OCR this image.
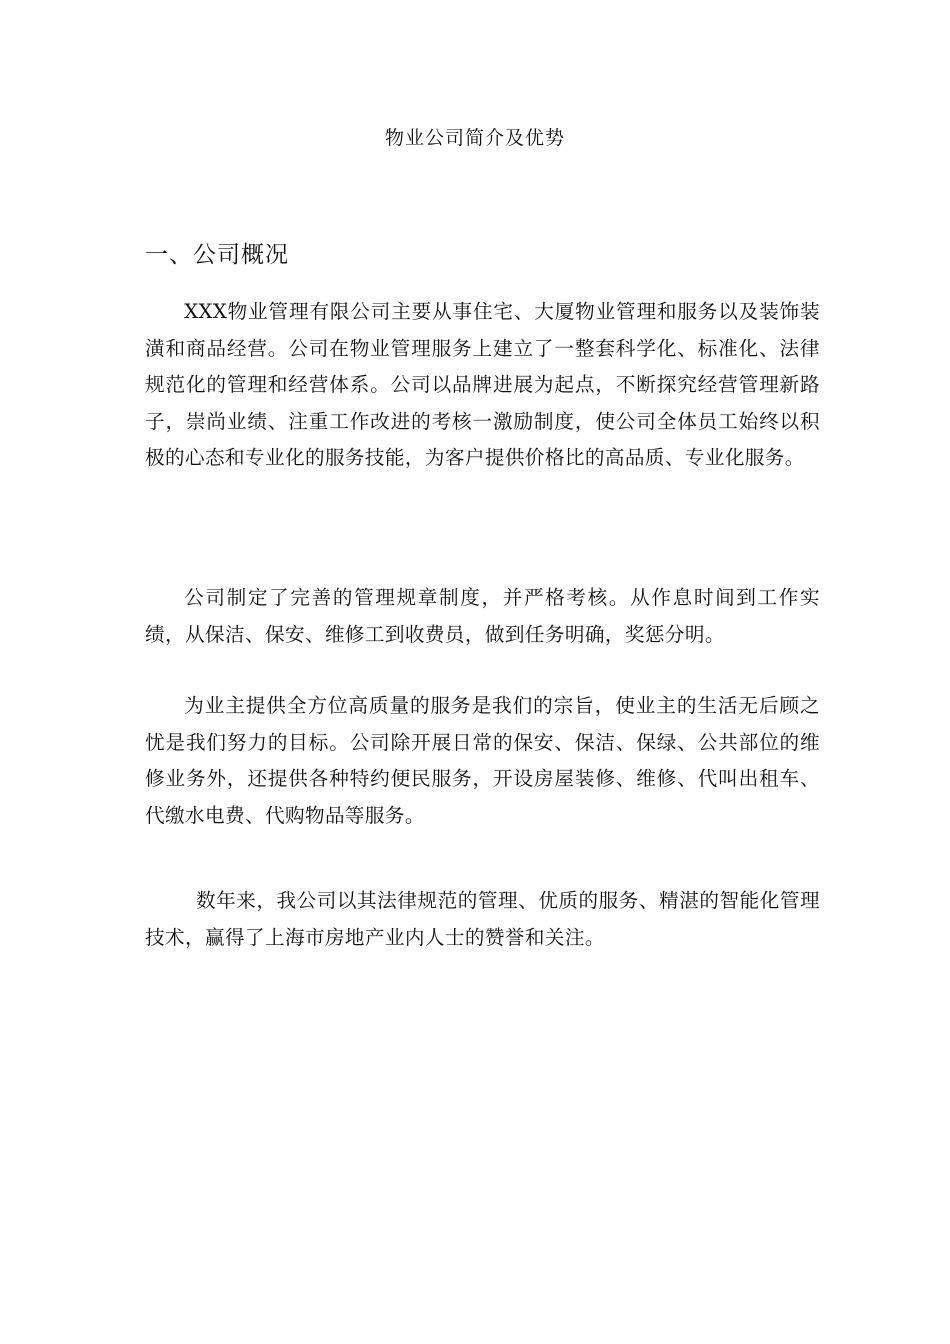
物业公司简介及优势
一、公司概况

XXX物业管理有限公司主要从事住宅、大厦物业管理和服务以及装饰装潢和商品经营。公司在物业管理服务上建立了一整套科学化、标准化、法律规范化的管理和经营体系。公司以品牌进展为起点，不断探究经营管理新路子，崇尚业绩、注重工作改进的考核一激励制度，使公司全体员工始终以积极的心态和专业化的服务技能，为客户提供价格比的高品质、专业化服务。

公司制定了完善的管理规章制度，并严格考核。从作息时间到工作实绩，从保洁、保安、维修工到收费员，做到任务明确，奖惩分明。

为业主提供全方位高质量的服务是我们的宗旨，使业主的生活无后顾之忧是我们努力的目标。公司除开展日常的保安、保洁、保绿、公共部位的维修业务外，还提供各种特约便民服务，开设房屋装修、维修、代叫出租车、代缴水电费、代购物品等服务。

数年来，我公司以其法律规范的管理、优质的服务、精湛的智能化管理技术，赢得了上海市房地产业内人士的赞誉和关注。
